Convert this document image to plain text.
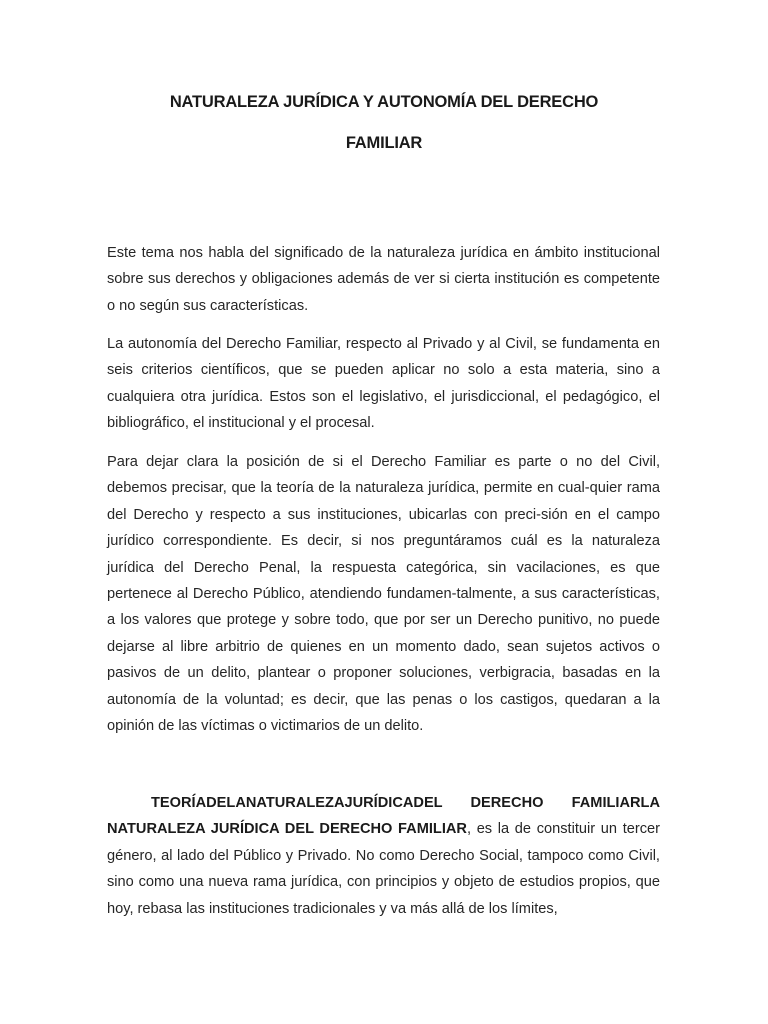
NATURALEZA JURÍDICA Y AUTONOMÍA DEL DERECHO
FAMILIAR

Este tema nos habla del significado de la naturaleza jurídica en ámbito institucional sobre sus derechos y obligaciones además de ver si cierta institución es competente o no según sus características.

La autonomía del Derecho Familiar, respecto al Privado y al Civil, se fundamenta en seis criterios científicos, que se pueden aplicar no solo a esta materia, sino a cualquiera otra jurídica. Estos son el legislativo, el jurisdiccional, el pedagógico, el bibliográfico, el institucional y el procesal.

Para dejar clara la posición de si el Derecho Familiar es parte o no del Civil, debemos precisar, que la teoría de la naturaleza jurídica, permite en cual-quier rama del Derecho y respecto a sus instituciones, ubicarlas con preci-sión en el campo jurídico correspondiente. Es decir, si nos preguntáramos cuál es la naturaleza jurídica del Derecho Penal, la respuesta categórica, sin vacilaciones, es que pertenece al Derecho Público, atendiendo fundamen-talmente, a sus características, a los valores que protege y sobre todo, que por ser un Derecho punitivo, no puede dejarse al libre arbitrio de quienes en un momento dado, sean sujetos activos o pasivos de un delito, plantear o proponer soluciones, verbigracia, basadas en la autonomía de la voluntad; es decir, que las penas o los castigos, quedaran a la opinión de las víctimas o victimarios de un delito.

TEORÍADELANATURALEZAJURÍDICADEL DERECHO FAMILIARLA NATURALEZA JURÍDICA DEL DERECHO FAMILIAR, es la de constituir un tercer género, al lado del Público y Privado. No como Derecho Social, tampoco como Civil, sino como una nueva rama jurídica, con principios y objeto de estudios propios, que hoy, rebasa las instituciones tradicionales y va más allá de los límites,
